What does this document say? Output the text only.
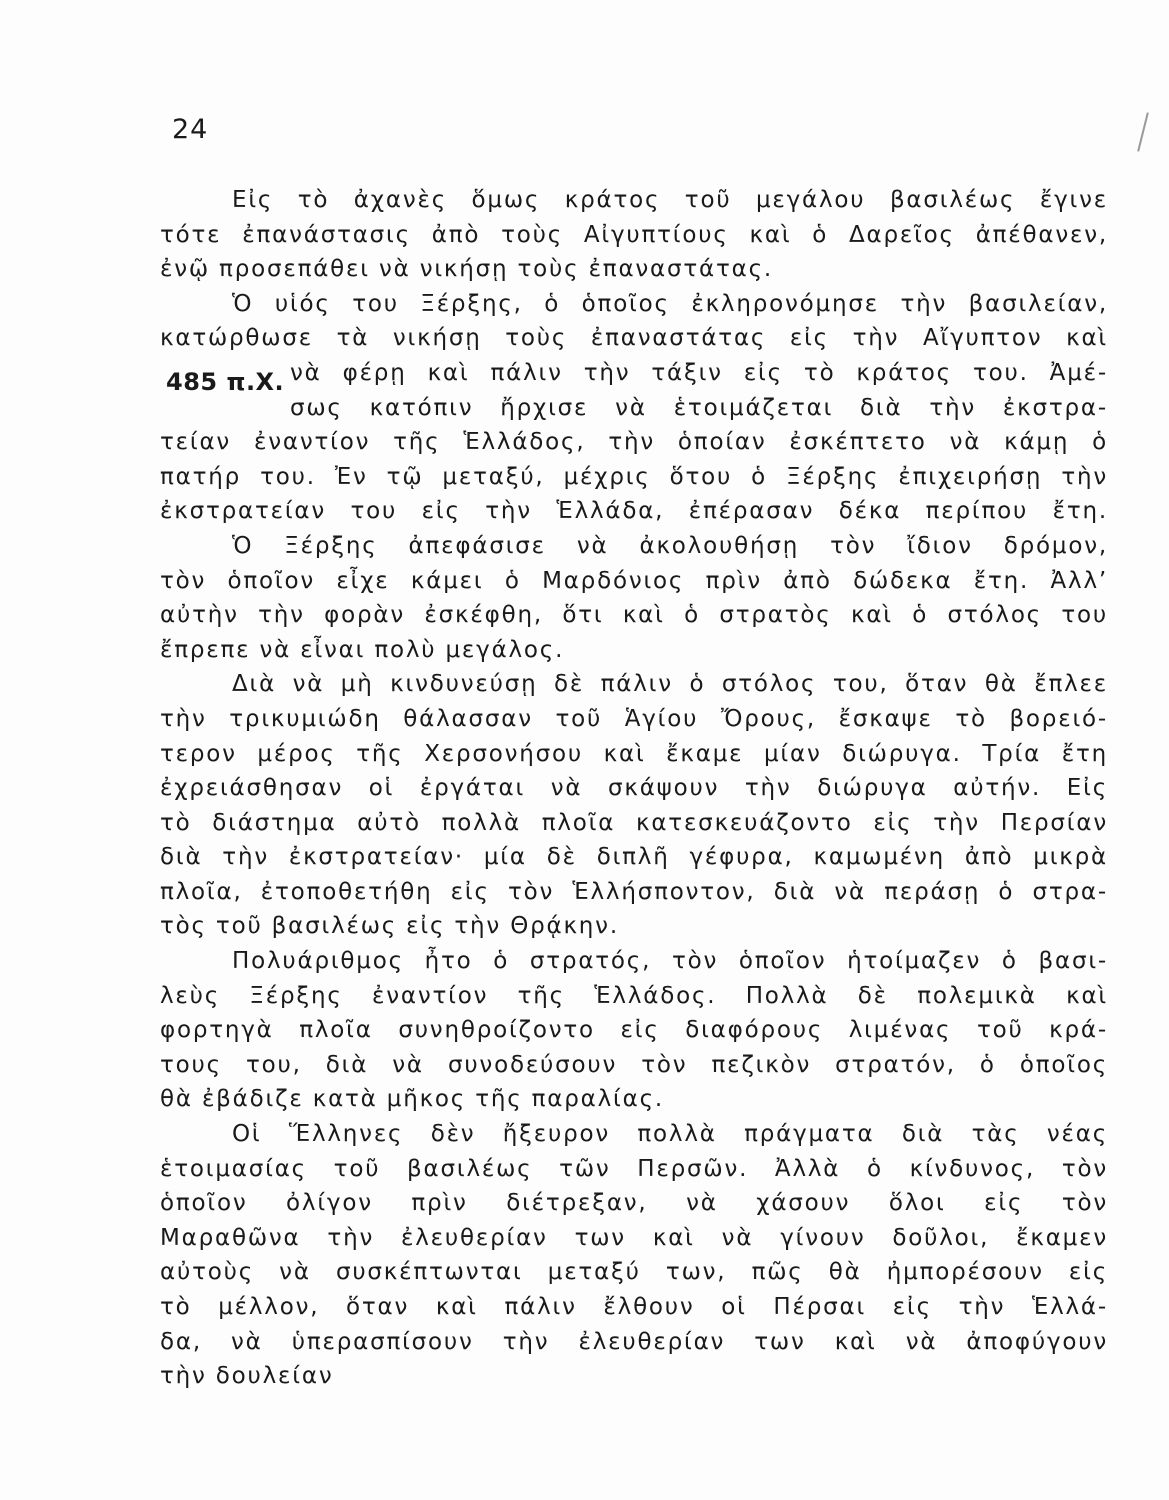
24
485 π.Χ.
Εἰς τὸ ἀχανὲς ὅμως κράτος τοῦ μεγάλου βασιλέως ἔγινε
τότε ἐπανάστασις ἀπὸ τοὺς Αἰγυπτίους καὶ ὁ Δαρεῖος ἀπέθανεν,
ἐνῷ προσεπάθει νὰ νικήσῃ τοὺς ἐπαναστάτας.
Ὁ υἱός του Ξέρξης, ὁ ὁποῖος ἐκληρονόμησε τὴν βασιλείαν,
κατώρθωσε τὰ νικήσῃ τοὺς ἐπαναστάτας εἰς τὴν Αἴγυπτον καὶ
νὰ φέρῃ καὶ πάλιν τὴν τάξιν εἰς τὸ κράτος του. Ἀμέ-
σως κατόπιν ἤρχισε νὰ ἑτοιμάζεται διὰ τὴν ἐκστρα-
τείαν ἐναντίον τῆς Ἑλλάδος, τὴν ὁποίαν ἐσκέπτετο νὰ κάμῃ ὁ
πατήρ του. Ἐν τῷ μεταξύ, μέχρις ὅτου ὁ Ξέρξης ἐπιχειρήσῃ τὴν
ἐκστρατείαν του εἰς τὴν Ἑλλάδα, ἐπέρασαν δέκα περίπου ἔτη.
Ὁ Ξέρξης ἀπεφάσισε νὰ ἀκολουθήσῃ τὸν ἴδιον δρόμον,
τὸν ὁποῖον εἶχε κάμει ὁ Μαρδόνιος πρὶν ἀπὸ δώδεκα ἔτη. Ἀλλ’
αὐτὴν τὴν φορὰν ἐσκέφθη, ὅτι καὶ ὁ στρατὸς καὶ ὁ στόλος του
ἔπρεπε νὰ εἶναι πολὺ μεγάλος.
Διὰ νὰ μὴ κινδυνεύσῃ δὲ πάλιν ὁ στόλος του, ὅταν θὰ ἔπλεε
τὴν τρικυμιώδη θάλασσαν τοῦ Ἁγίου Ὄρους, ἔσκαψε τὸ βορειό-
τερον μέρος τῆς Χερσονήσου καὶ ἔκαμε μίαν διώρυγα. Τρία ἔτη
ἐχρειάσθησαν οἱ ἐργάται νὰ σκάψουν τὴν διώρυγα αὐτήν. Εἰς
τὸ διάστημα αὐτὸ πολλὰ πλοῖα κατεσκευάζοντο εἰς τὴν Περσίαν
διὰ τὴν ἐκστρατείαν· μία δὲ διπλῆ γέφυρα, καμωμένη ἀπὸ μικρὰ
πλοῖα, ἐτοποθετήθη εἰς τὸν Ἑλλήσποντον, διὰ νὰ περάσῃ ὁ στρα-
τὸς τοῦ βασιλέως εἰς τὴν Θρᾴκην.
Πολυάριθμος ἦτο ὁ στρατός, τὸν ὁποῖον ἡτοίμαζεν ὁ βασι-
λεὺς Ξέρξης ἐναντίον τῆς Ἑλλάδος. Πολλὰ δὲ πολεμικὰ καὶ
φορτηγὰ πλοῖα συνηθροίζοντο εἰς διαφόρους λιμένας τοῦ κρά-
τους του, διὰ νὰ συνοδεύσουν τὸν πεζικὸν στρατόν, ὁ ὁποῖος
θὰ ἐβάδιζε κατὰ μῆκος τῆς παραλίας.
Οἱ Ἕλληνες δὲν ἤξευρον πολλὰ πράγματα διὰ τὰς νέας
ἑτοιμασίας τοῦ βασιλέως τῶν Περσῶν. Ἀλλὰ ὁ κίνδυνος, τὸν
ὁποῖον ὀλίγον πρὶν διέτρεξαν, νὰ χάσουν ὅλοι εἰς τὸν
Μαραθῶνα τὴν ἐλευθερίαν των καὶ νὰ γίνουν δοῦλοι, ἔκαμεν
αὐτοὺς νὰ συσκέπτωνται μεταξύ των, πῶς θὰ ἠμπορέσουν εἰς
τὸ μέλλον, ὅταν καὶ πάλιν ἔλθουν οἱ Πέρσαι εἰς τὴν Ἑλλά-
δα, νὰ ὑπερασπίσουν τὴν ἐλευθερίαν των καὶ νὰ ἀποφύγουν
τὴν δουλείαν
